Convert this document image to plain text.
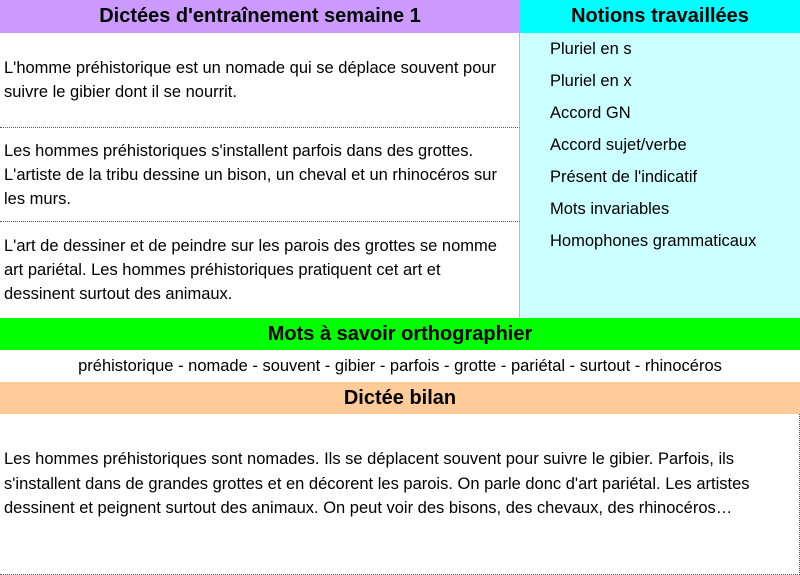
Dictées d'entraînement semaine 1	Notions travaillées
L'homme préhistorique est un nomade qui se déplace souvent pour suivre le gibier dont il se nourrit.
Les hommes préhistoriques s'installent parfois dans des grottes. L'artiste de la tribu dessine un bison, un cheval et un rhinocéros sur les murs.
L'art de dessiner et de peindre sur les parois des grottes se nomme art pariétal. Les hommes préhistoriques pratiquent cet art et dessinent surtout des animaux.
Pluriel en s
Pluriel en x
Accord GN
Accord sujet/verbe
Présent de l'indicatif
Mots invariables
Homophones grammaticaux
Mots à savoir orthographier
préhistorique - nomade - souvent - gibier - parfois - grotte - pariétal - surtout - rhinocéros
Dictée bilan
Les hommes préhistoriques sont nomades. Ils se déplacent souvent pour suivre le gibier. Parfois, ils s'installent dans de grandes grottes et en décorent les parois. On parle donc d'art pariétal. Les artistes dessinent et peignent surtout des animaux. On peut voir des bisons, des chevaux, des rhinocéros…
